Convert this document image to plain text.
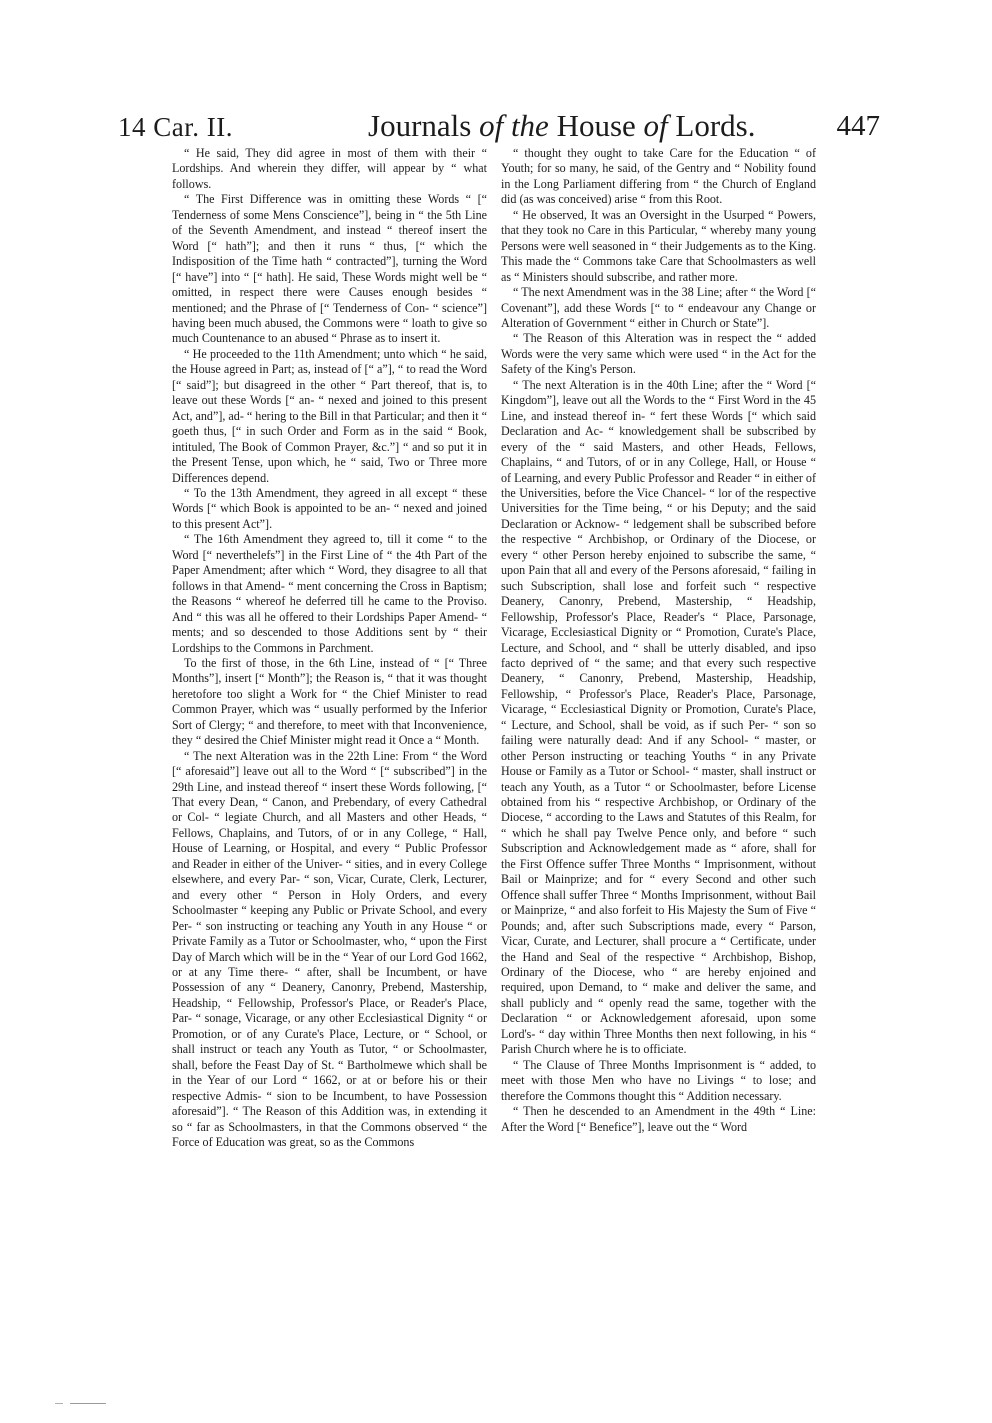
14 Car. II.	Journals of the House of Lords.	447

“ He said, They did agree in most of them with their “ Lordships. And wherein they differ, will appear by “ what follows.

“ The First Difference was in omitting these Words “ [“ Tenderness of some Mens Conscience”], being in “ the 5th Line of the Seventh Amendment, and instead “ thereof insert the Word [“ hath”]; and then it runs “ thus, [“ which the Indisposition of the Time hath “ contracted”], turning the Word [“ have”] into “ [“ hath]. He said, These Words might well be “ omitted, in respect there were Causes enough besides “ mentioned; and the Phrase of [“ Tenderness of Con- “ science”] having been much abused, the Commons were “ loath to give so much Countenance to an abused “ Phrase as to insert it.

“ He proceeded to the 11th Amendment; unto which “ he said, the House agreed in Part; as, instead of [“ a”], “ to read the Word [“ said”]; but disagreed in the other “ Part thereof, that is, to leave out these Words [“ an- “ nexed and joined to this present Act, and”], ad- “ hering to the Bill in that Particular; and then it “ goeth thus, [“ in such Order and Form as in the said “ Book, intituled, The Book of Common Prayer, &c.”] “ and so put it in the Present Tense, upon which, he “ said, Two or Three more Differences depend.

“ To the 13th Amendment, they agreed in all except “ these Words [“ which Book is appointed to be an- “ nexed and joined to this present Act”].

“ The 16th Amendment they agreed to, till it come “ to the Word [“ neverthelefs”] in the First Line of “ the 4th Part of the Paper Amendment; after which “ Word, they disagree to all that follows in that Amend- “ ment concerning the Cross in Baptism; the Reasons “ whereof he deferred till he came to the Proviso. And “ this was all he offered to their Lordships Paper Amend- “ ments; and so descended to those Additions sent by “ their Lordships to the Commons in Parchment.

To the first of those, in the 6th Line, instead of “ [“ Three Months”], insert [“ Month”]; the Reason is, “ that it was thought heretofore too slight a Work for “ the Chief Minister to read Common Prayer, which was “ usually performed by the Inferior Sort of Clergy; “ and therefore, to meet with that Inconvenience, they “ desired the Chief Minister might read it Once a “ Month.

“ The next Alteration was in the 22th Line: From “ the Word [“ aforesaid”] leave out all to the Word “ [“ subscribed”] in the 29th Line, and instead thereof “ insert these Words following, [“ That every Dean, “ Canon, and Prebendary, of every Cathedral or Col- “ legiate Church, and all Masters and other Heads, “ Fellows, Chaplains, and Tutors, of or in any College, “ Hall, House of Learning, or Hospital, and every “ Public Professor and Reader in either of the Univer- “ sities, and in every College elsewhere, and every Par- “ son, Vicar, Curate, Clerk, Lecturer, and every other “ Person in Holy Orders, and every Schoolmaster “ keeping any Public or Private School, and every Per- “ son instructing or teaching any Youth in any House “ or Private Family as a Tutor or Schoolmaster, who, “ upon the First Day of March which will be in the “ Year of our Lord God 1662, or at any Time there- “ after, shall be Incumbent, or have Possession of any “ Deanery, Canonry, Prebend, Mastership, Headship, “ Fellowship, Professor's Place, or Reader's Place, Par- “ sonage, Vicarage, or any other Ecclesiastical Dignity “ or Promotion, or of any Curate's Place, Lecture, or “ School, or shall instruct or teach any Youth as Tutor, “ or Schoolmaster, shall, before the Feast Day of St. “ Bartholmewe which shall be in the Year of our Lord “ 1662, or at or before his or their respective Admis- “ sion to be Incumbent, to have Possession aforesaid”]. “ The Reason of this Addition was, in extending it so “ far as Schoolmasters, in that the Commons observed “ the Force of Education was great, so as the Commons

“ thought they ought to take Care for the Education “ of Youth; for so many, he said, of the Gentry and “ Nobility found in the Long Parliament differing from “ the Church of England did (as was conceived) arise “ from this Root.

“ He observed, It was an Oversight in the Usurped “ Powers, that they took no Care in this Particular, “ whereby many young Persons were well seasoned in “ their Judgements as to the King. This made the “ Commons take Care that Schoolmasters as well as “ Ministers should subscribe, and rather more.

“ The next Amendment was in the 38 Line; after “ the Word [“ Covenant”], add these Words [“ to “ endeavour any Change or Alteration of Government “ either in Church or State”].

“ The Reason of this Alteration was in respect the “ added Words were the very same which were used “ in the Act for the Safety of the King's Person.

“ The next Alteration is in the 40th Line; after the “ Word [“ Kingdom”], leave out all the Words to the “ First Word in the 45 Line, and instead thereof in- “ fert these Words [“ which said Declaration and Ac- “ knowledgement shall be subscribed by every of the “ said Masters, and other Heads, Fellows, Chaplains, “ and Tutors, of or in any College, Hall, or House “ of Learning, and every Public Professor and Reader “ in either of the Universities, before the Vice Chancel- “ lor of the respective Universities for the Time being, “ or his Deputy; and the said Declaration or Acknow- “ ledgement shall be subscribed before the respective “ Archbishop, or Ordinary of the Diocese, or every “ other Person hereby enjoined to subscribe the same, “ upon Pain that all and every of the Persons aforesaid, “ failing in such Subscription, shall lose and forfeit such “ respective Deanery, Canonry, Prebend, Mastership, “ Headship, Fellowship, Professor's Place, Reader's “ Place, Parsonage, Vicarage, Ecclesiastical Dignity or “ Promotion, Curate's Place, Lecture, and School, and “ shall be utterly disabled, and ipso facto deprived of “ the same; and that every such respective Deanery, “ Canonry, Prebend, Mastership, Headship, Fellowship, “ Professor's Place, Reader's Place, Parsonage, Vicarage, “ Ecclesiastical Dignity or Promotion, Curate's Place, “ Lecture, and School, shall be void, as if such Per- “ son so failing were naturally dead: And if any School- “ master, or other Person instructing or teaching Youths “ in any Private House or Family as a Tutor or School- “ master, shall instruct or teach any Youth, as a Tutor “ or Schoolmaster, before License obtained from his “ respective Archbishop, or Ordinary of the Diocese, “ according to the Laws and Statutes of this Realm, for “ which he shall pay Twelve Pence only, and before “ such Subscription and Acknowledgement made as “ afore, shall for the First Offence suffer Three Months “ Imprisonment, without Bail or Mainprize; and for “ every Second and other such Offence shall suffer Three “ Months Imprisonment, without Bail or Mainprize, “ and also forfeit to His Majesty the Sum of Five “ Pounds; and, after such Subscriptions made, every “ Parson, Vicar, Curate, and Lecturer, shall procure a “ Certificate, under the Hand and Seal of the respective “ Archbishop, Bishop, Ordinary of the Diocese, who “ are hereby enjoined and required, upon Demand, to “ make and deliver the same, and shall publicly and “ openly read the same, together with the Declaration “ or Acknowledgement aforesaid, upon some Lord's- “ day within Three Months then next following, in his “ Parish Church where he is to officiate.

“ The Clause of Three Months Imprisonment is “ added, to meet with those Men who have no Livings “ to lose; and therefore the Commons thought this “ Addition necessary.

“ Then he descended to an Amendment in the 49th “ Line: After the Word [“ Benefice”], leave out the “ Word
